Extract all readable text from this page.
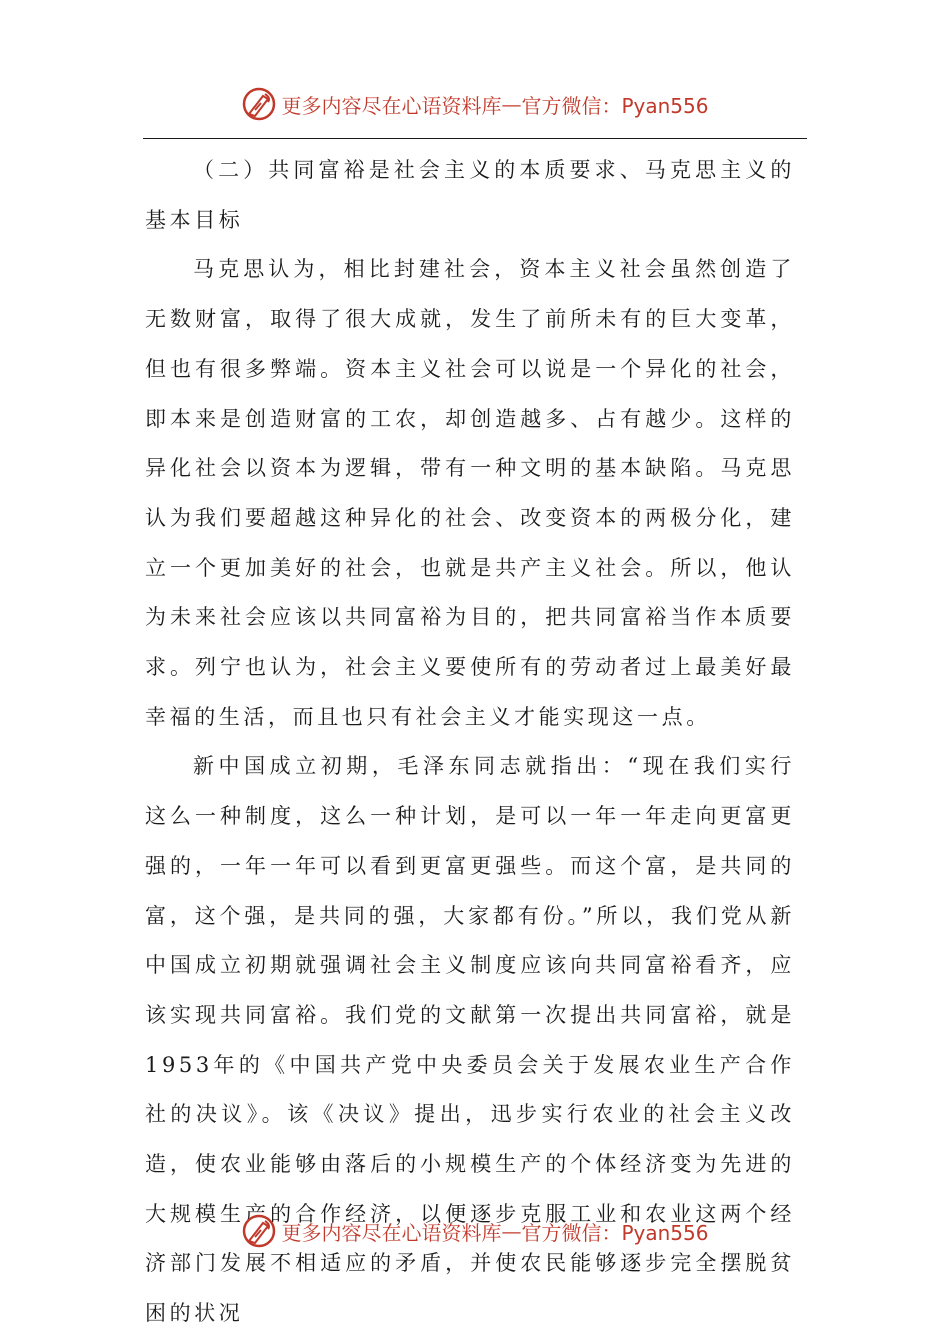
更多内容尽在心语资料库 — 官方微信：Pyan556

（二）共同富裕是社会主义的本质要求、马克思主义的基本目标

马克思认为，相比封建社会，资本主义社会虽然创造了无数财富，取得了很大成就，发生了前所未有的巨大变革，但也有很多弊端。资本主义社会可以说是一个异化的社会，即本来是创造财富的工农，却创造越多、占有越少。这样的异化社会以资本为逻辑，带有一种文明的基本缺陷。马克思认为我们要超越这种异化的社会、改变资本的两极分化，建立一个更加美好的社会，也就是共产主义社会。所以，他认为未来社会应该以共同富裕为目的，把共同富裕当作本质要求。列宁也认为，社会主义要使所有的劳动者过上最美好最幸福的生活，而且也只有社会主义才能实现这一点。

新中国成立初期，毛泽东同志就指出：“现在我们实行这么一种制度，这么一种计划，是可以一年一年走向更富更强的，一年一年可以看到更富更强些。而这个富，是共同的富，这个强，是共同的强，大家都有份。”所以，我们党从新中国成立初期就强调社会主义制度应该向共同富裕看齐，应该实现共同富裕。我们党的文献第一次提出共同富裕，就是1953年的《中国共产党中央委员会关于发展农业生产合作社的决议》。该《决议》提出，迅步实行农业的社会主义改造，使农业能够由落后的小规模生产的个体经济变为先进的大规模生产的合作经济，以便逐步克服工业和农业这两个经济部门发展不相适应的矛盾，并使农民能够逐步完全摆脱贫困的状况

更多内容尽在心语资料库 — 官方微信：Pyan556
